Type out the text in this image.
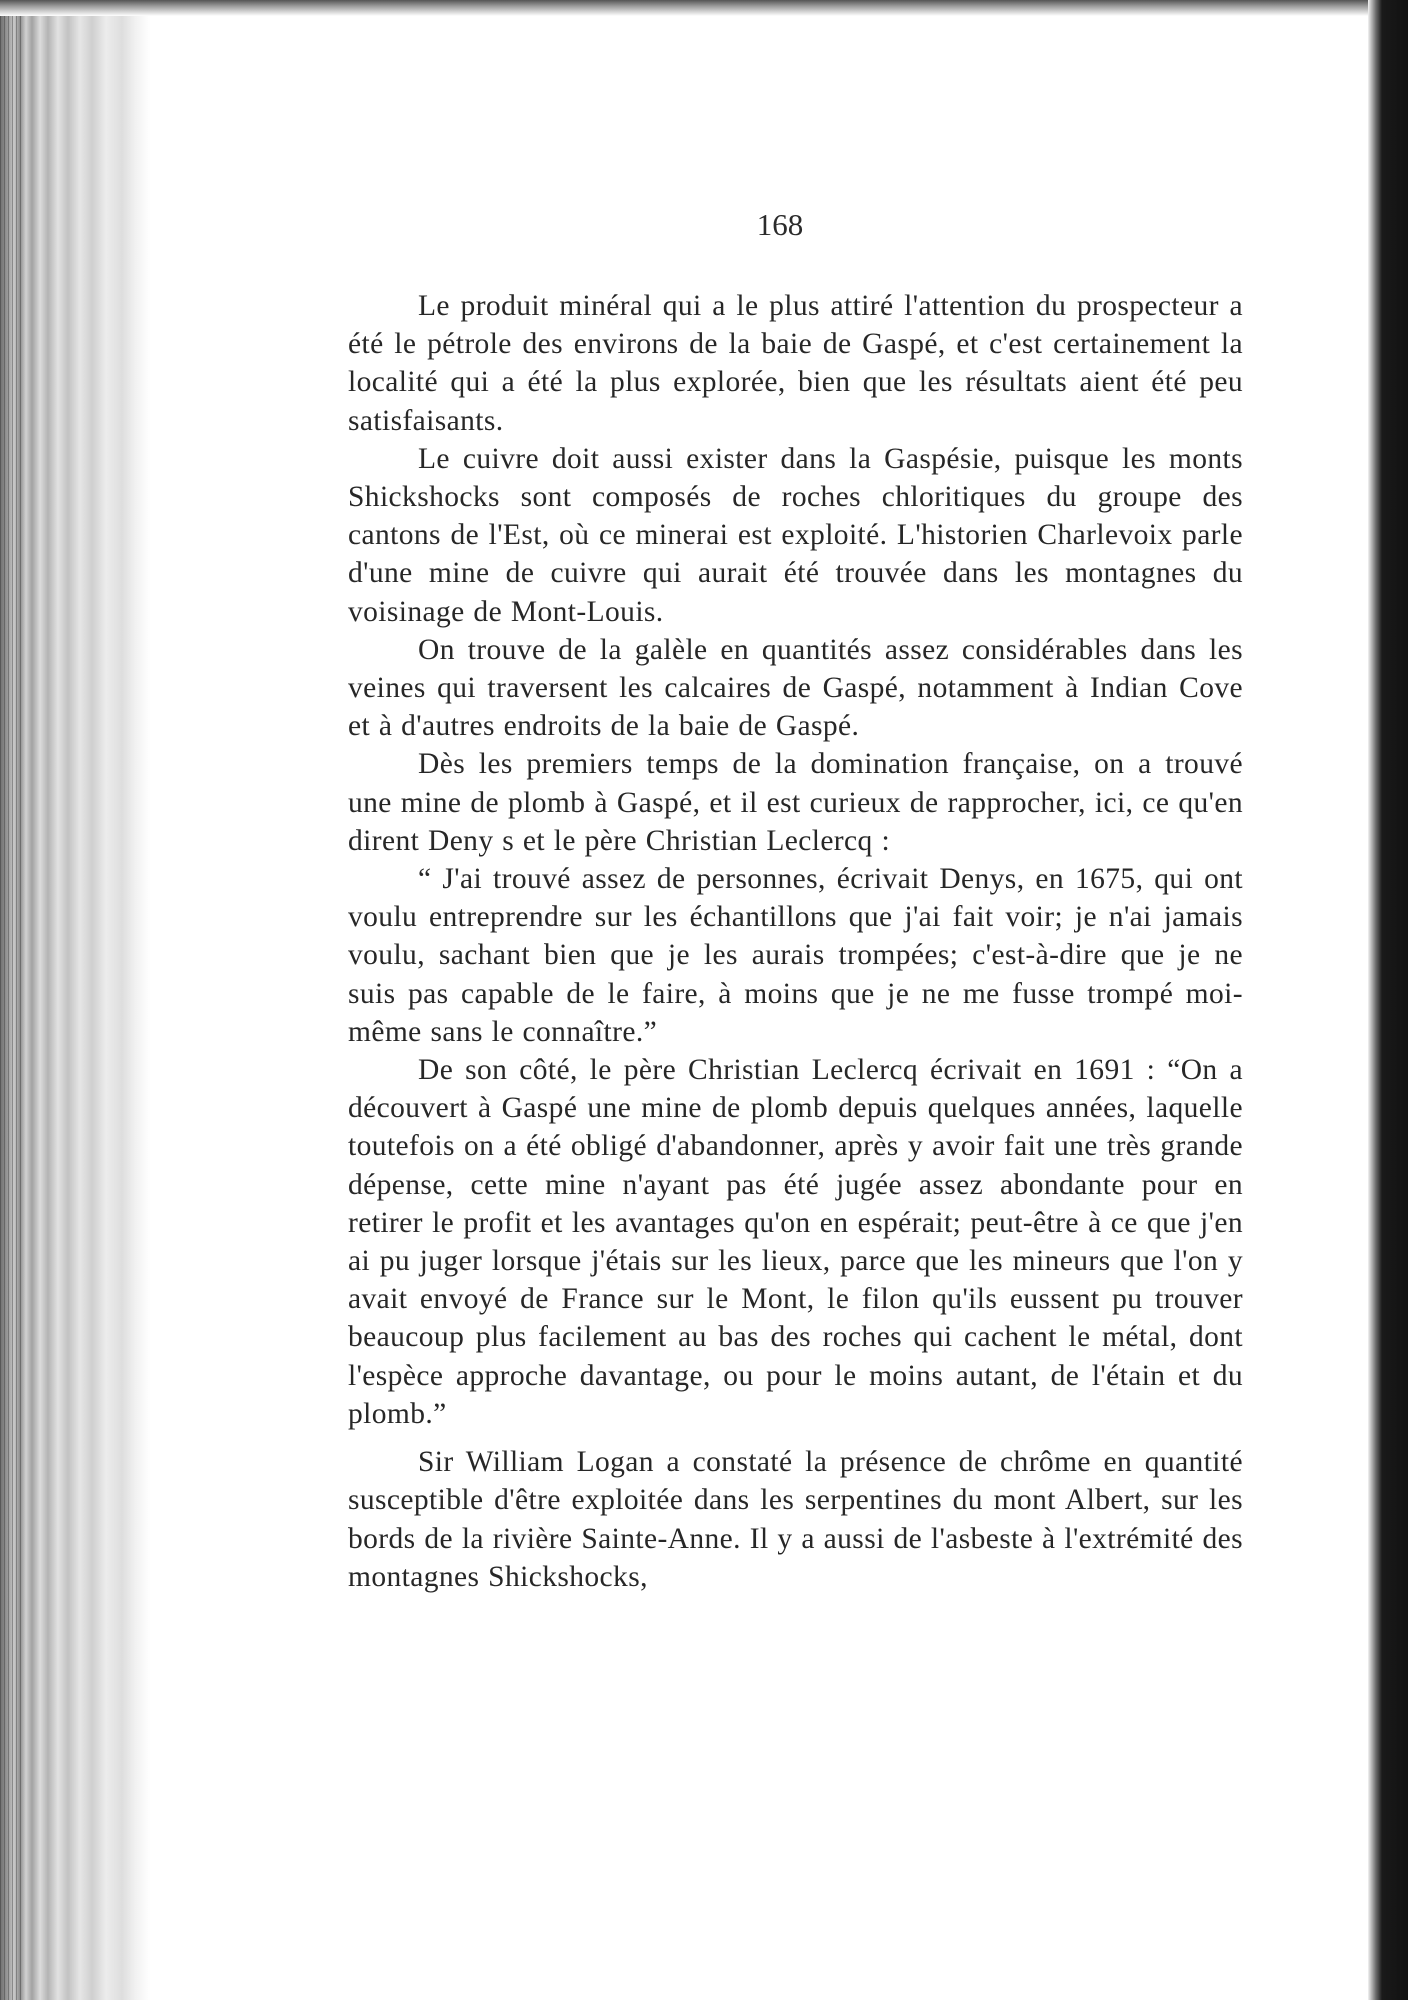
168

Le produit minéral qui a le plus attiré l'attention du prospecteur a été le pétrole des environs de la baie de Gaspé, et c'est certainement la localité qui a été la plus explorée, bien que les résultats aient été peu satisfaisants.

Le cuivre doit aussi exister dans la Gaspésie, puisque les monts Shickshocks sont composés de roches chloritiques du groupe des cantons de l'Est, où ce minerai est exploité. L'historien Charlevoix parle d'une mine de cuivre qui aurait été trouvée dans les montagnes du voisinage de Mont-Louis.

On trouve de la galèle en quantités assez considérables dans les veines qui traversent les calcaires de Gaspé, notamment à Indian Cove et à d'autres endroits de la baie de Gaspé.

Dès les premiers temps de la domination française, on a trouvé une mine de plomb à Gaspé, et il est curieux de rapprocher, ici, ce qu'en dirent Deny s et le père Christian Leclercq :

“ J'ai trouvé assez de personnes, écrivait Denys, en 1675, qui ont voulu entreprendre sur les échantillons que j'ai fait voir; je n'ai jamais voulu, sachant bien que je les aurais trompées; c'est-à-dire que je ne suis pas capable de le faire, à moins que je ne me fusse trompé moi-même sans le connaître.”

De son côté, le père Christian Leclercq écrivait en 1691 : “On a découvert à Gaspé une mine de plomb depuis quelques années, laquelle toutefois on a été obligé d'abandonner, après y avoir fait une très grande dépense, cette mine n'ayant pas été jugée assez abondante pour en retirer le profit et les avantages qu'on en espérait; peut-être à ce que j'en ai pu juger lorsque j'étais sur les lieux, parce que les mineurs que l'on y avait envoyé de France sur le Mont, le filon qu'ils eussent pu trouver beaucoup plus facilement au bas des roches qui cachent le métal, dont l'espèce approche davantage, ou pour le moins autant, de l'étain et du plomb.”

Sir William Logan a constaté la présence de chrôme en quantité susceptible d'être exploitée dans les serpentines du mont Albert, sur les bords de la rivière Sainte-Anne. Il y a aussi de l'asbeste à l'extrémité des montagnes Shickshocks,
